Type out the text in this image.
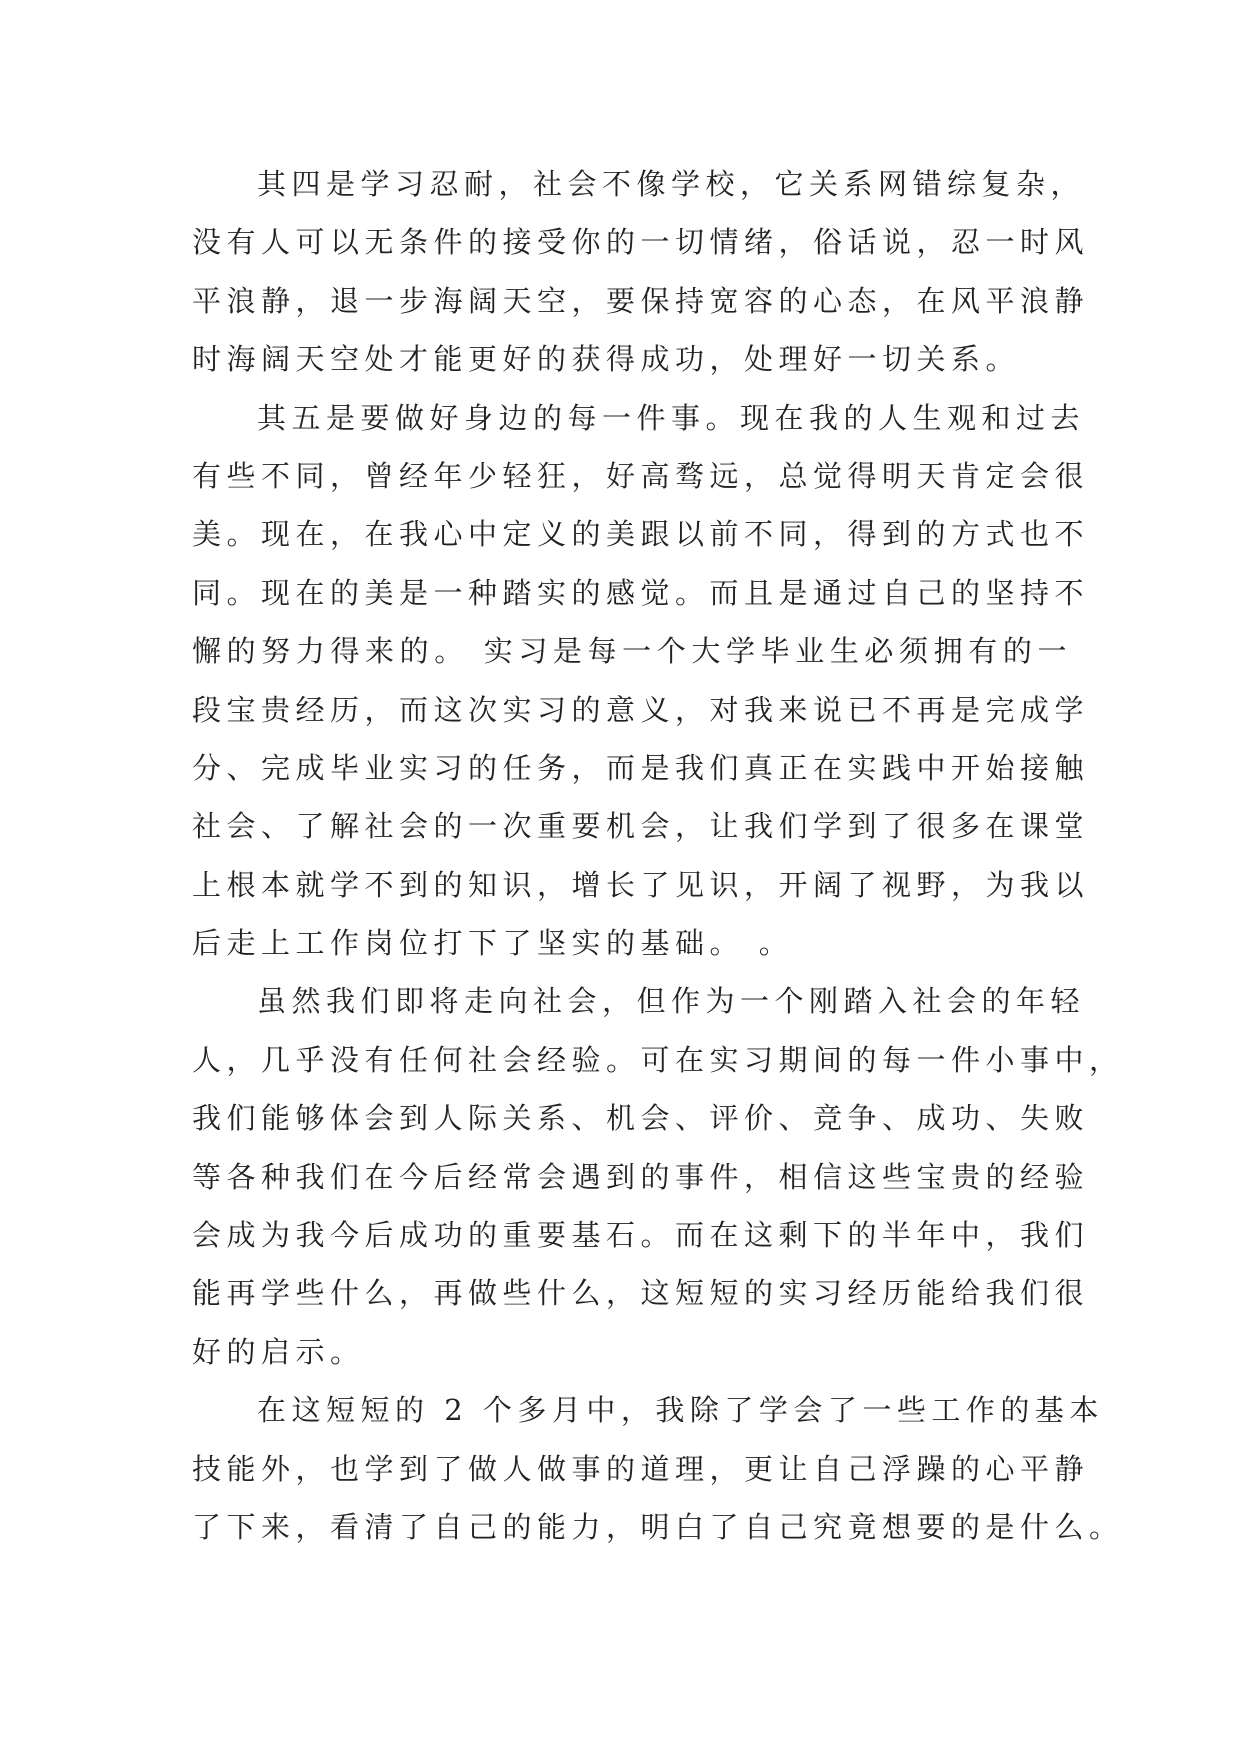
其四是学习忍耐，社会不像学校，它关系网错综复杂，
没有人可以无条件的接受你的一切情绪，俗话说，忍一时风
平浪静，退一步海阔天空，要保持宽容的心态，在风平浪静
时海阔天空处才能更好的获得成功，处理好一切关系。
其五是要做好身边的每一件事。现在我的人生观和过去
有些不同，曾经年少轻狂，好高骛远，总觉得明天肯定会很
美。现在，在我心中定义的美跟以前不同，得到的方式也不
同。现在的美是一种踏实的感觉。而且是通过自己的坚持不
懈的努力得来的。 实习是每一个大学毕业生必须拥有的一
段宝贵经历，而这次实习的意义，对我来说已不再是完成学
分、完成毕业实习的任务，而是我们真正在实践中开始接触
社会、了解社会的一次重要机会，让我们学到了很多在课堂
上根本就学不到的知识，增长了见识，开阔了视野，为我以
后走上工作岗位打下了坚实的基础。 。
虽然我们即将走向社会，但作为一个刚踏入社会的年轻
人，几乎没有任何社会经验。可在实习期间的每一件小事中，
我们能够体会到人际关系、机会、评价、竞争、成功、失败
等各种我们在今后经常会遇到的事件，相信这些宝贵的经验
会成为我今后成功的重要基石。而在这剩下的半年中，我们
能再学些什么，再做些什么，这短短的实习经历能给我们很
好的启示。
在这短短的 2 个多月中，我除了学会了一些工作的基本
技能外，也学到了做人做事的道理，更让自己浮躁的心平静
了下来，看清了自己的能力，明白了自己究竟想要的是什么。
